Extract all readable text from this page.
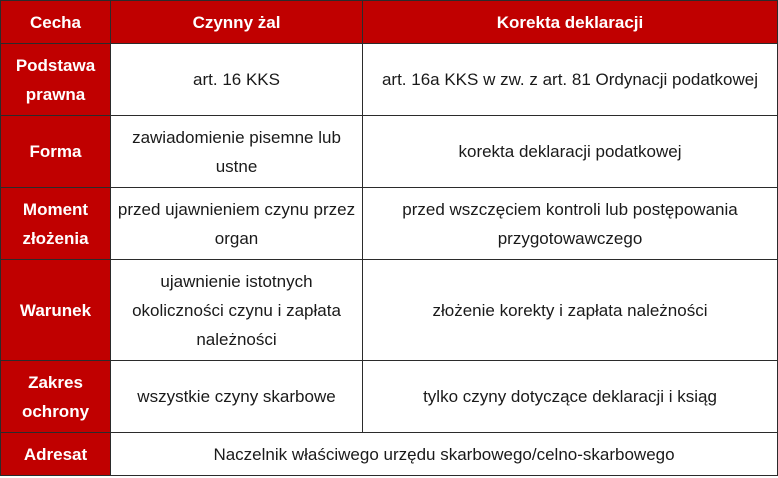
Cecha	Czynny żal	Korekta deklaracji
Podstawa prawna	art. 16 KKS	art. 16a KKS w zw. z art. 81 Ordynacji podatkowej
Forma	zawiadomienie pisemne lub ustne	korekta deklaracji podatkowej
Moment złożenia	przed ujawnieniem czynu przez organ	przed wszczęciem kontroli lub postępowania przygotowawczego
Warunek	ujawnienie istotnych okoliczności czynu i zapłata należności	złożenie korekty i zapłata należności
Zakres ochrony	wszystkie czyny skarbowe	tylko czyny dotyczące deklaracji i ksiąg
Adresat	Naczelnik właściwego urzędu skarbowego/celno-skarbowego	
